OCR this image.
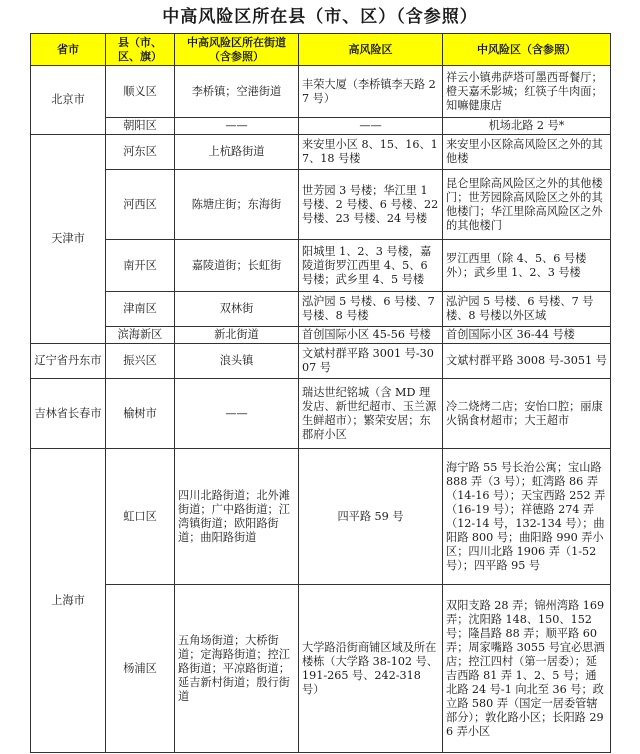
中高风险区所在县（市、区）（含参照）
省市	县（市、区、旗）	中高风险区所在街道（含参照）	高风险区	中风险区（含参照）
北京市	顺义区	李桥镇；空港街道	丰荣大厦（李桥镇李天路 27 号）	祥云小镇弗萨塔可墨西哥餐厅；橙天嘉禾影城；红筷子牛肉面；知嘛健康店
	朝阳区	——	——	机场北路 2 号*
天津市	河东区	上杭路街道	来安里小区 8、15、16、17、18 号楼	来安里小区除高风险区之外的其他楼
	河西区	陈塘庄街；东海街	世芳园 3 号楼；华江里 1 号楼、2 号楼、6 号楼、22 号楼、23 号楼、24 号楼	昆仑里除高风险区之外的其他楼门；世芳园除高风险区之外的其他楼门；华江里除高风险区之外的其他楼门
	南开区	嘉陵道街；长虹街	阳城里 1、2、3 号楼，嘉陵道街罗江西里 4、5、6 号楼；武乡里 4、5 号楼	罗江西里（除 4、5、6 号楼外）；武乡里 1、2、3 号楼
	津南区	双林街	泓沪园 5 号楼、6 号楼、7 号楼、8 号楼	泓沪园 5 号楼、6 号楼、7 号楼、8 号楼以外区域
	滨海新区	新北街道	首创国际小区 45-56 号楼	首创国际小区 36-44 号楼
辽宁省丹东市	振兴区	浪头镇	文斌村群平路 3001 号-3007 号	文斌村群平路 3008 号-3051 号
吉林省长春市	榆树市	——	瑞达世纪铭城（含 MD 理发店、新世纪超市、玉兰源生鲜超市）；繁荣安居；东郡府小区	冷二烧烤二店；安怡口腔；丽康火锅食材超市；大王超市
上海市	虹口区	四川北路街道；北外滩街道；广中路街道；江湾镇街道；欧阳路街道；曲阳路街道	四平路 59 号	海宁路 55 号长治公寓；宝山路 888 弄（3 号）；虹湾路 86 弄（14-16 号）；天宝西路 252 弄（16-19 号）；祥德路 274 弄（12-14 号，132-134 号）；曲阳路 800 号；曲阳路 990 弄小区；四川北路 1906 弄（1-52 号）；四平路 95 号
	杨浦区	五角场街道；大桥街道；定海路街道；控江路街道；平凉路街道；延吉新村街道；殷行街道	大学路沿街商铺区域及所在楼栋（大学路 38-102 号、191-265 号、242-318 号）	双阳支路 28 弄；锦州湾路 169 弄；沈阳路 148、150、152 号；隆昌路 88 弄；顺平路 60 弄；周家嘴路 3055 号宜必思酒店；控江四村（第一居委）；延吉西路 81 弄 1、2、5 号；通北路 24 号-1 向北至 36 号；政立路 580 弄（国定一居委管辖部分）；敦化路小区；长阳路 296 弄小区
